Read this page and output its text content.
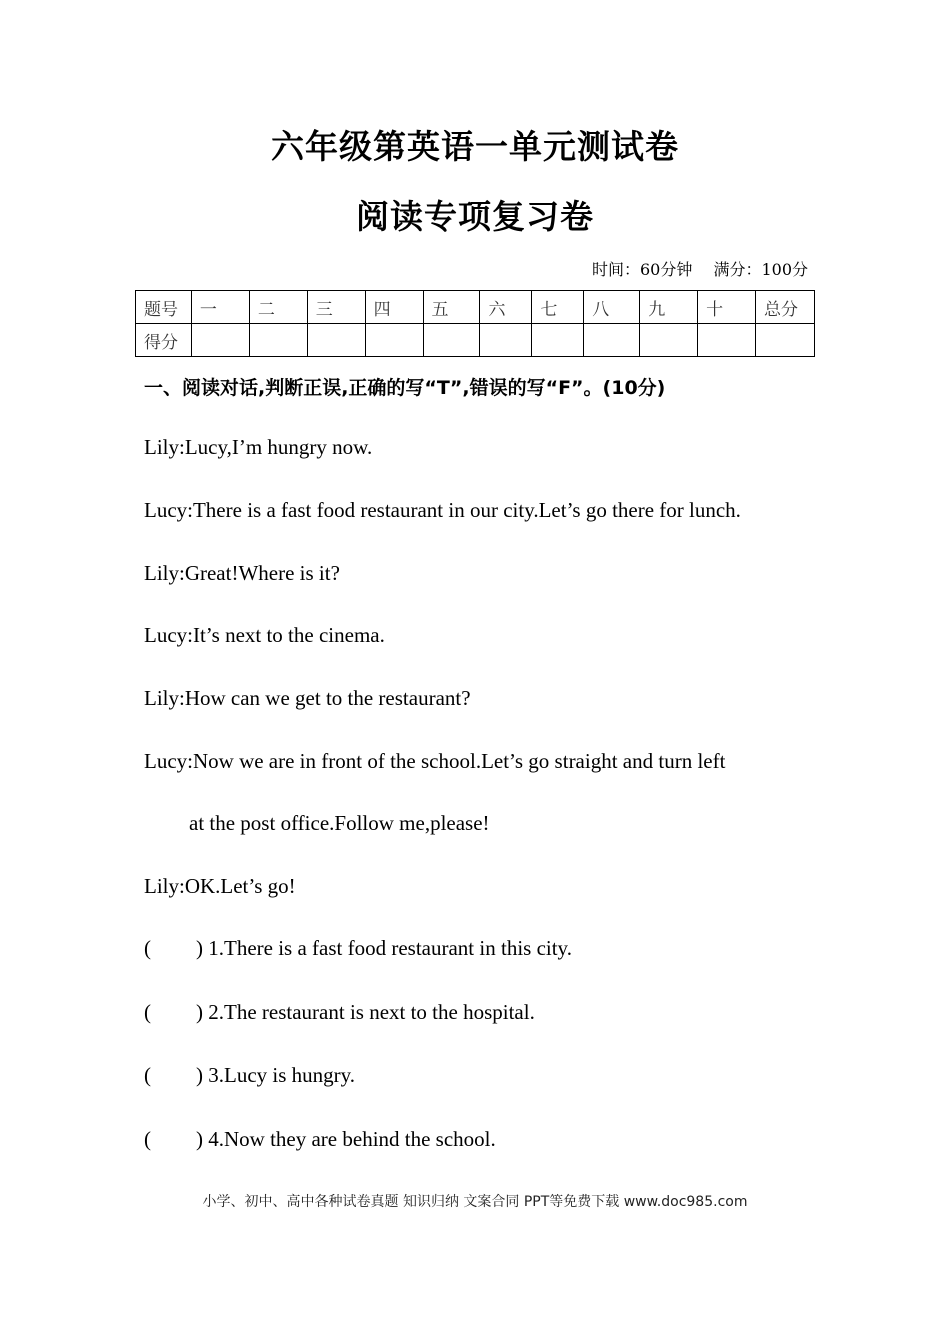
六年级第英语一单元测试卷
阅读专项复习卷
时间：60分钟 满分：100分
题号	一	二	三	四	五	六	七	八	九	十	总分
得分											
一、阅读对话,判断正误,正确的写“T”,错误的写“F”。(10分)
Lily:Lucy,I’m hungry now.
Lucy:There is a fast food restaurant in our city.Let’s go there for lunch.
Lily:Great!Where is it?
Lucy:It’s next to the cinema.
Lily:How can we get to the restaurant?
Lucy:Now we are in front of the school.Let’s go straight and turn left
at the post office.Follow me,please!
Lily:OK.Let’s go!
( ) 1.There is a fast food restaurant in this city.
( ) 2.The restaurant is next to the hospital.
( ) 3.Lucy is hungry.
( ) 4.Now they are behind the school.
小学、初中、高中各种试卷真题 知识归纳 文案合同 PPT等免费下载 www.doc985.com
